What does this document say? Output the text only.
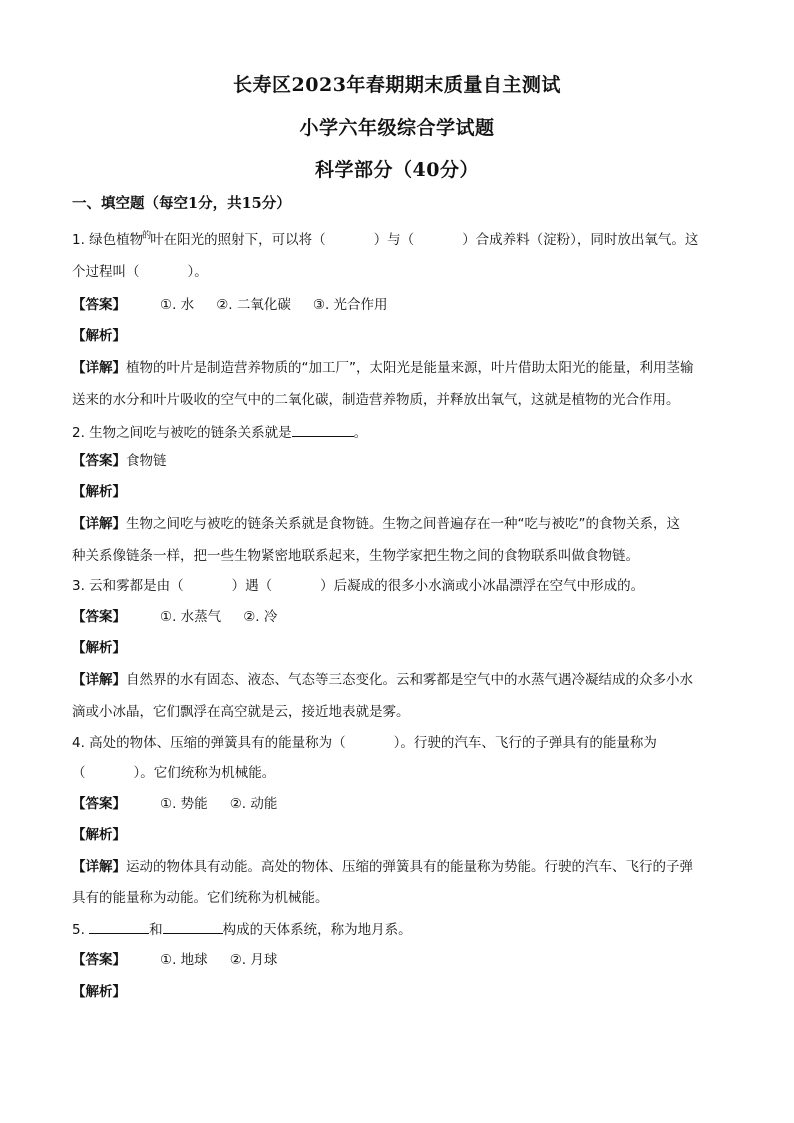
长寿区2023年春期期末质量自主测试
小学六年级综合学试题
科学部分（40分）
一、填空题（每空1分，共15分）
1. 绿色植物$^的$叶在阳光的照射下，可以将（	）与（	）合成养料（淀粉），同时放出氧气。这
个过程叫（	）。
【答案】	①. 水 ②. 二氧化碳 ③. 光合作用
【解析】
【详解】植物的叶片是制造营养物质的“加工厂”，太阳光是能量来源，叶片借助太阳光的能量，利用茎输
送来的水分和叶片吸收的空气中的二氧化碳，制造营养物质，并释放出氧气，这就是植物的光合作用。
2. 生物之间吃与被吃的链条关系就是	。
【答案】食物链
【解析】
【详解】生物之间吃与被吃的链条关系就是食物链。生物之间普遍存在一种“吃与被吃”的食物关系，这
种关系像链条一样，把一些生物紧密地联系起来，生物学家把生物之间的食物联系叫做食物链。
3. 云和雾都是由（	）遇（	）后凝成的很多小水滴或小冰晶漂浮在空气中形成的。
【答案】	①. 水蒸气 ②. 冷
【解析】
【详解】自然界的水有固态、液态、气态等三态变化。云和雾都是空气中的水蒸气遇冷凝结成的众多小水
滴或小冰晶，它们飘浮在高空就是云，接近地表就是雾。
4. 高处的物体、压缩的弹簧具有的能量称为（	）。行驶的汽车、飞行的子弹具有的能量称为
（	）。它们统称为机械能。
【答案】	①. 势能 ②. 动能
【解析】
【详解】运动的物体具有动能。高处的物体、压缩的弹簧具有的能量称为势能。行驶的汽车、飞行的子弹
具有的能量称为动能。它们统称为机械能。
5.	和	构成的天体系统，称为地月系。
【答案】	①. 地球 ②. 月球
【解析】
